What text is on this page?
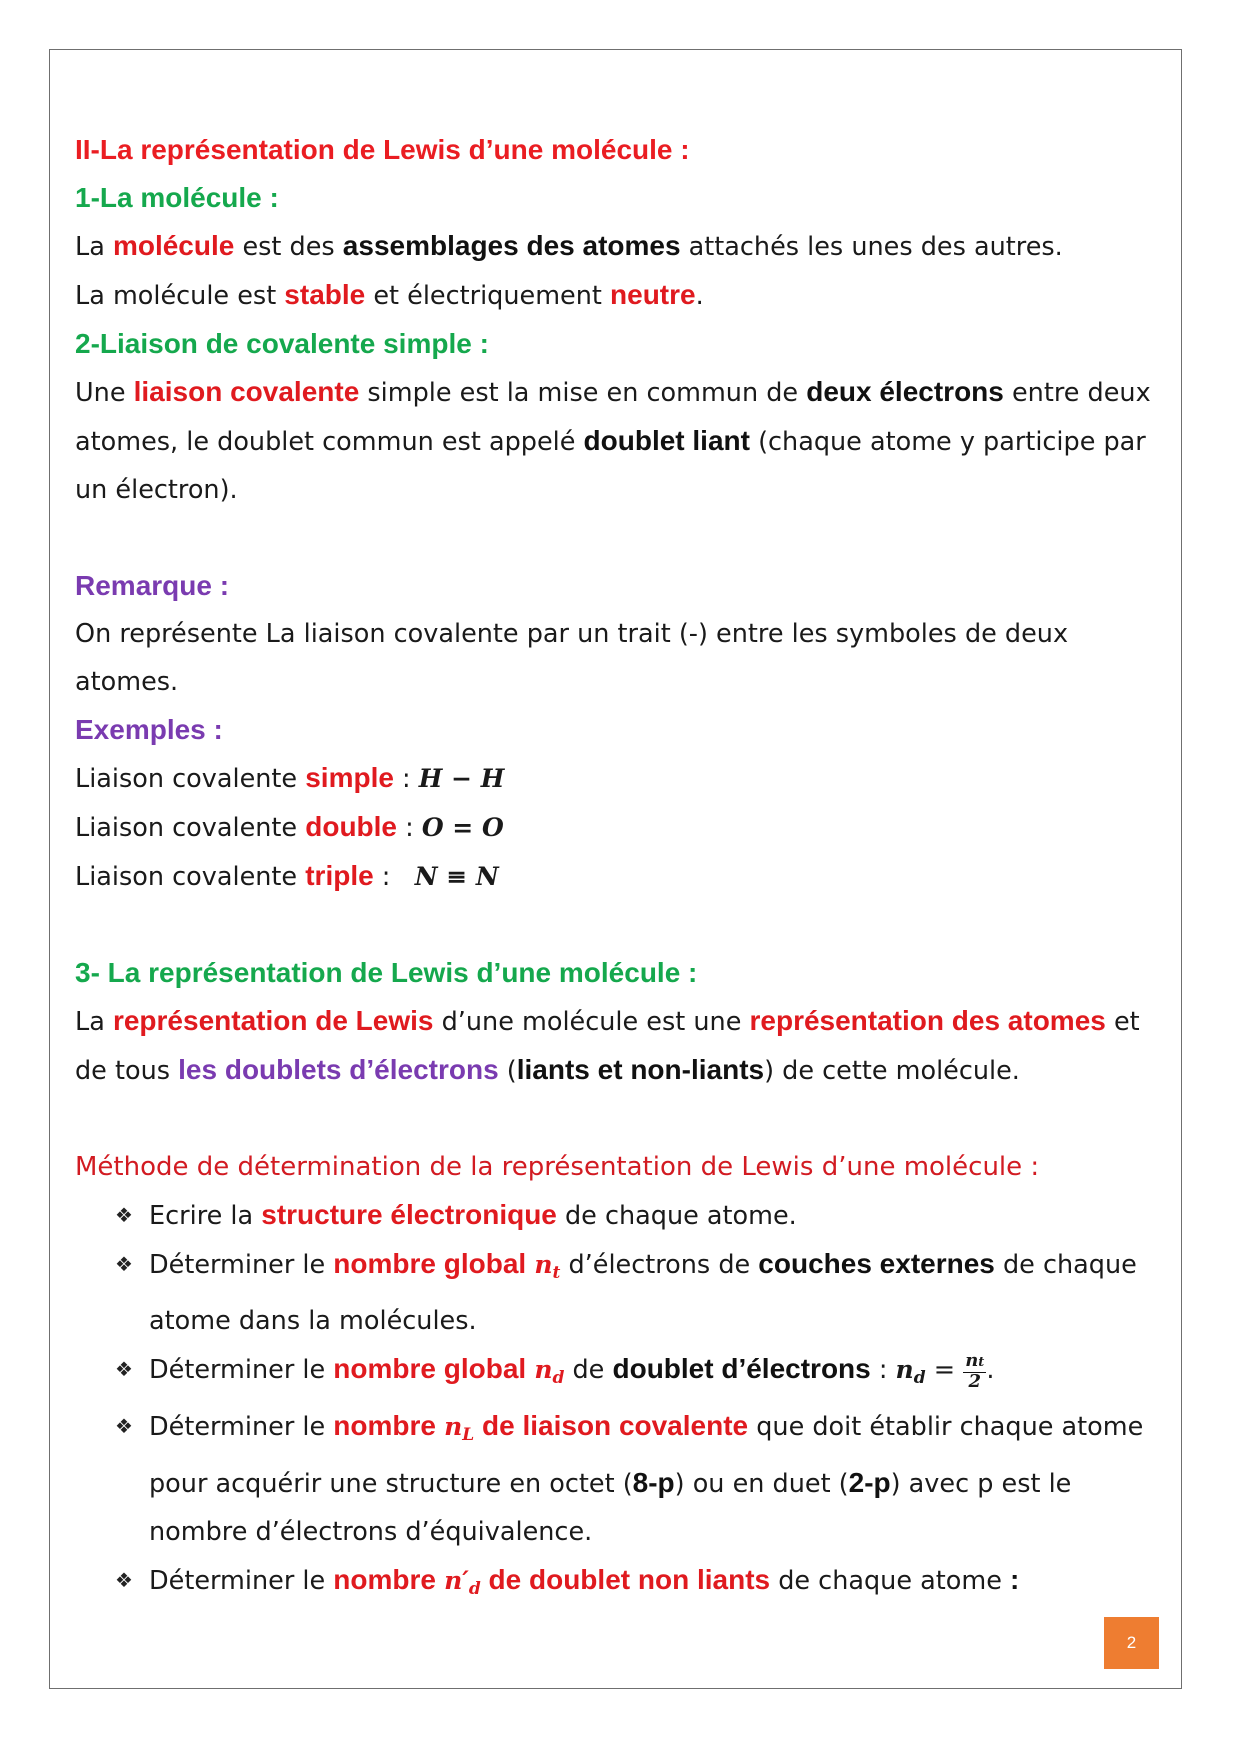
II-La représentation de Lewis d’une molécule :
1-La molécule :
La molécule est des assemblages des atomes attachés les unes des autres.
La molécule est stable et électriquement neutre.
2-Liaison de covalente simple :
Une liaison covalente simple est la mise en commun de deux électrons entre deux atomes, le doublet commun est appelé doublet liant (chaque atome y participe par un électron).
Remarque :
On représente La liaison covalente par un trait (-) entre les symboles de deux atomes.
Exemples :
Liaison covalente simple : H − H
Liaison covalente double : O = O
Liaison covalente triple :   N ≡ N
3- La représentation de Lewis d’une molécule :
La représentation de Lewis d’une molécule est une représentation des atomes et de tous les doublets d’électrons (liants et non-liants) de cette molécule.
Méthode de détermination de la représentation de Lewis d’une molécule :
❖ Ecrire la structure électronique de chaque atome.
❖ Déterminer le nombre global $n_t$ d’électrons de couches externes de chaque atome dans la molécules.
❖ Déterminer le nombre global $n_d$ de doublet d’électrons : $n_d = \frac{nt}{2}$ .
❖ Déterminer le nombre $n_L$ de liaison covalente que doit établir chaque atome pour acquérir une structure en octet (8-p) ou en duet (2-p) avec p est le nombre d’électrons d’équivalence.
❖ Déterminer le nombre $n'_d$ de doublet non liants de chaque atome :
2
